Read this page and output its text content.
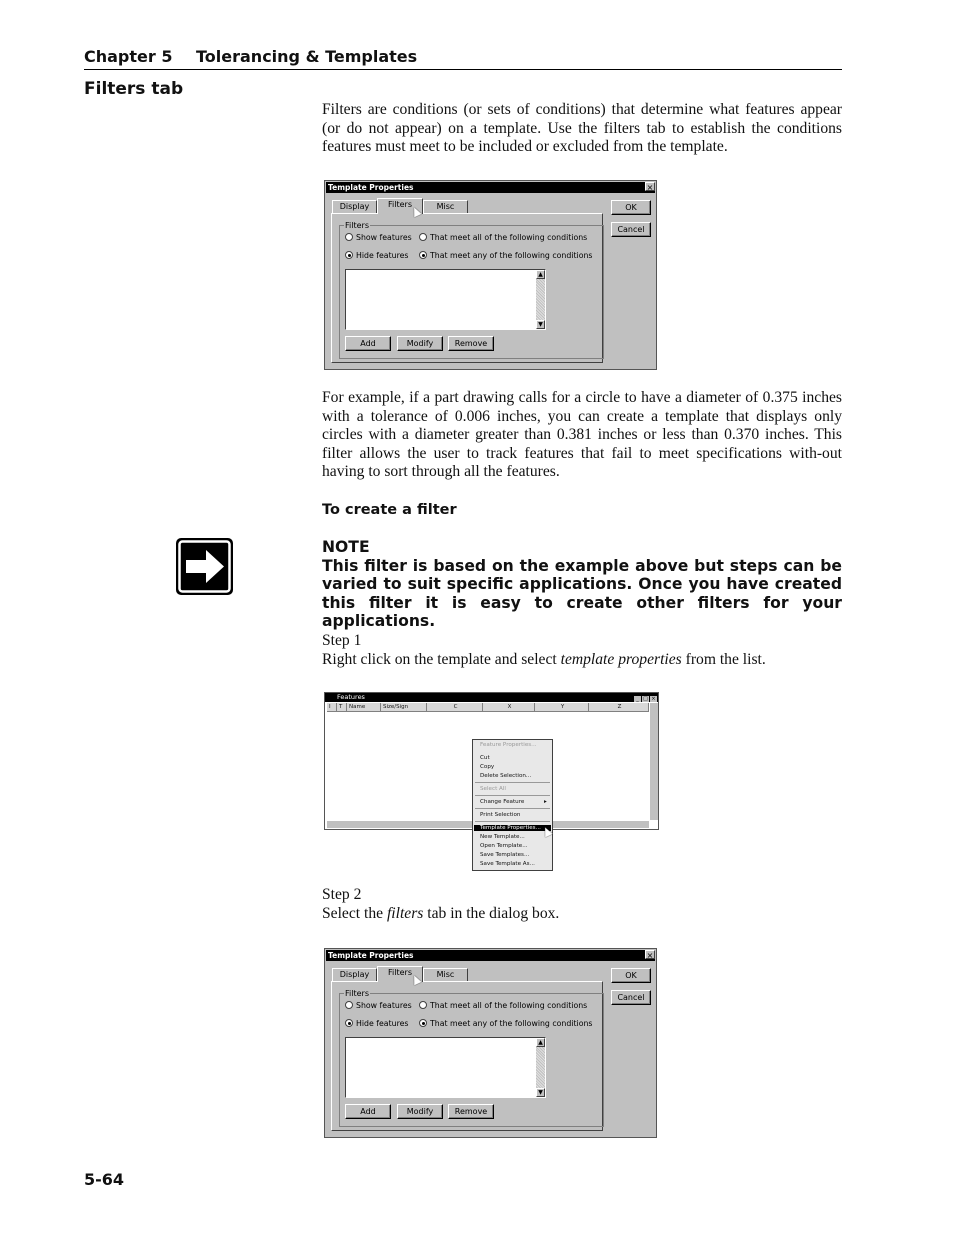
Chapter 5 Tolerancing & Templates
Filters tab
Filters are conditions (or sets of conditions) that determine what features appear (or do not appear) on a template. Use the filters tab to establish the conditions features must meet to be included or excluded from the template.
Template Properties	×
Display	Filters	Misc
Filters
Show features	That meet all of the following conditions
Hide features	That meet any of the following conditions
▲
▼
Add	Modify	Remove
OK
Cancel
For example, if a part drawing calls for a circle to have a diameter of 0.375 inches with a tolerance of 0.006 inches, you can create a template that displays only circles with a diameter greater than 0.381 inches or less than 0.370 inches. This filter allows the user to track features that fail to meet specifications with-out having to sort through all the features.
To create a filter
NOTE
This filter is based on the example above but steps can be varied to suit specific applications. Once you have created this filter it is easy to create other filters for your applications.
Step 1
Right click on the template and select template properties from the list.
Features	_ □ ×
I	T	Name	Size/Sign	C	X	Y	Z
Feature Properties...
Cut
Copy
Delete Selection...
Select All
Change Feature	▸
Print Selection
Template Properties...
New Template...
Open Template...
Save Templates...
Save Template As...
Step 2
Select the filters tab in the dialog box.
Template Properties	×
Display	Filters	Misc
Filters
Show features	That meet all of the following conditions
Hide features	That meet any of the following conditions
▲
▼
Add	Modify	Remove
OK
Cancel
5-64
